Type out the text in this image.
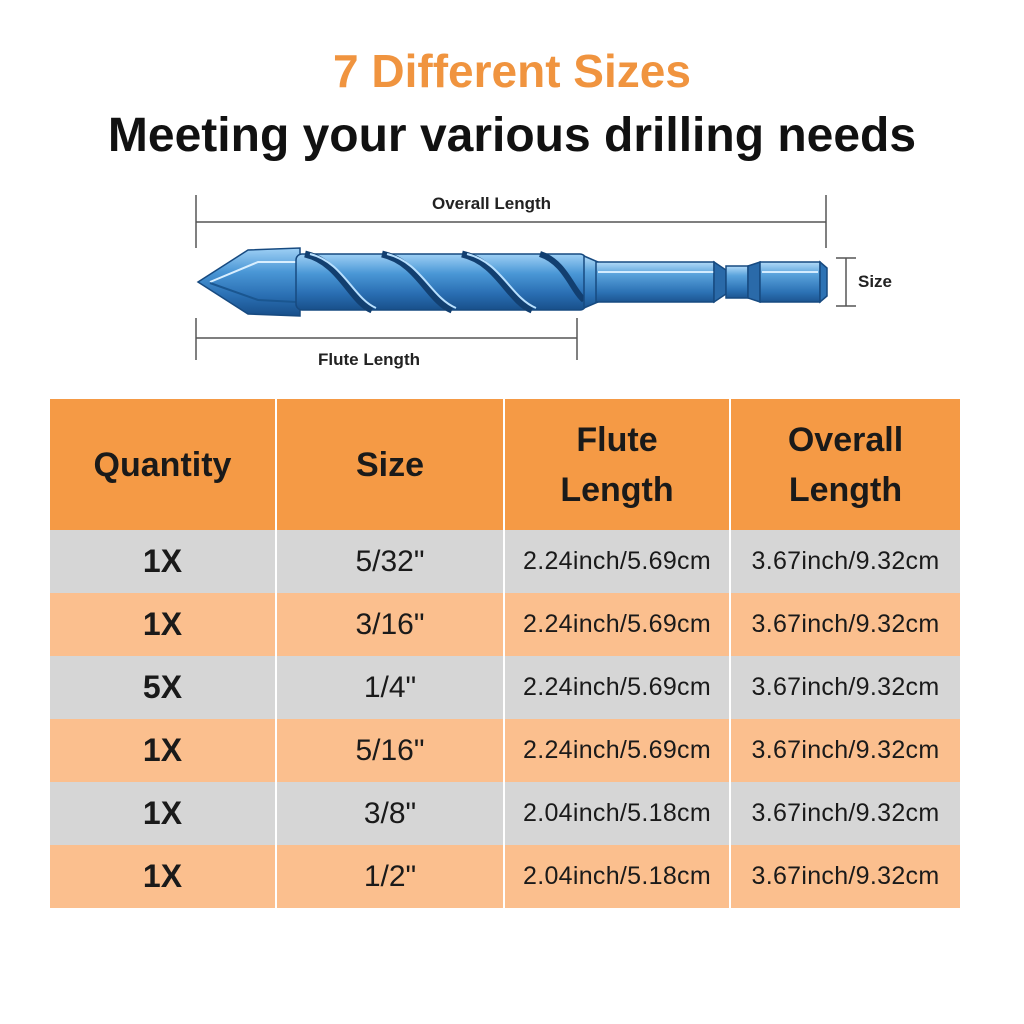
7 Different Sizes
Meeting your various drilling needs
Overall Length
Flute Length
Size
Quantity	Size	Flute Length	Overall Length
1X	5/32"	2.24inch/5.69cm	3.67inch/9.32cm
1X	3/16"	2.24inch/5.69cm	3.67inch/9.32cm
5X	1/4"	2.24inch/5.69cm	3.67inch/9.32cm
1X	5/16"	2.24inch/5.69cm	3.67inch/9.32cm
1X	3/8"	2.04inch/5.18cm	3.67inch/9.32cm
1X	1/2"	2.04inch/5.18cm	3.67inch/9.32cm
